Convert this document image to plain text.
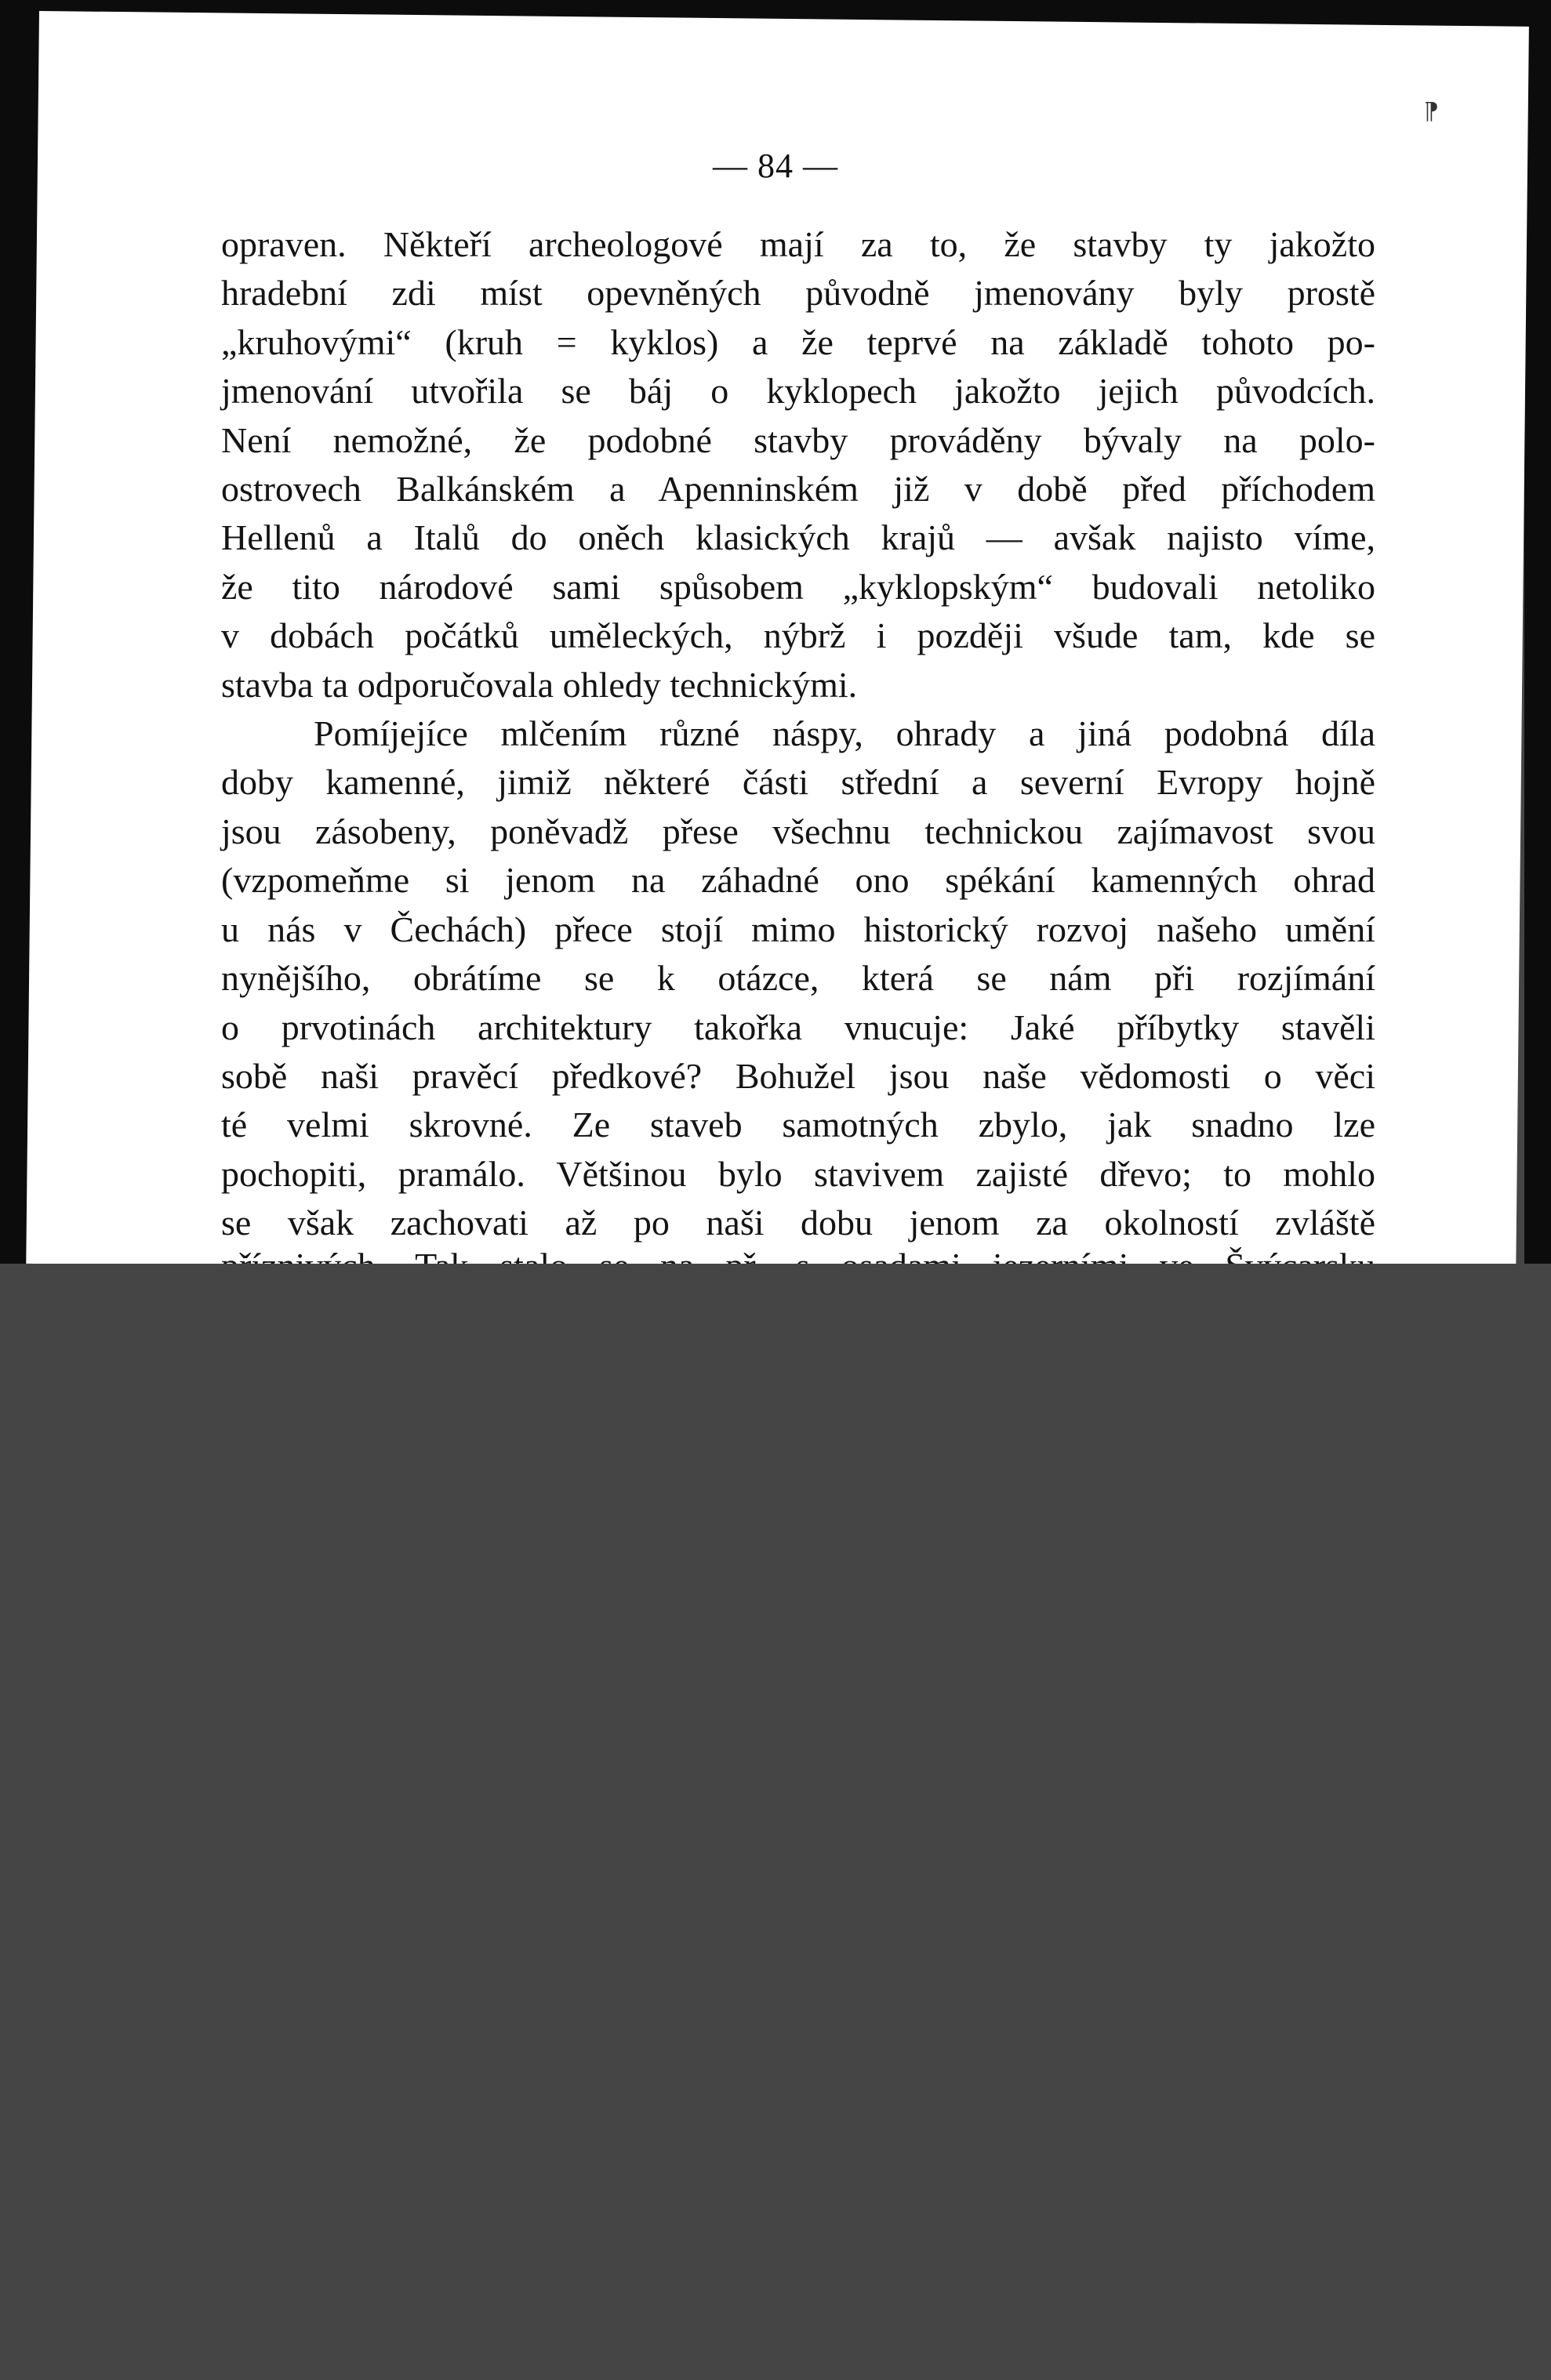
⁋
— 84 —
opraven. Někteří archeologové mají za to, že stavby ty jakožto
hradební zdi míst opevněných původně jmenovány byly prostě
„kruhovými“ (kruh = kyklos) a že teprvé na základě tohoto po-
jmenování utvořila se báj o kyklopech jakožto jejich původcích.
Není nemožné, že podobné stavby prováděny bývaly na polo-
ostrovech Balkánském a Apenninském již v době před příchodem
Hellenů a Italů do oněch klasických krajů — avšak najisto víme,
že tito národové sami spůsobem „kyklopským“ budovali netoliko
v dobách počátků uměleckých, nýbrž i později všude tam, kde se
stavba ta odporučovala ohledy technickými.
Pomíjejíce mlčením různé náspy, ohrady a jiná podobná díla
doby kamenné, jimiž některé části střední a severní Evropy hojně
jsou zásobeny, poněvadž přese všechnu technickou zajímavost svou
(vzpomeňme si jenom na záhadné ono spékání kamenných ohrad
u nás v Čechách) přece stojí mimo historický rozvoj našeho umění
nynějšího, obrátíme se k otázce, která se nám při rozjímání
o prvotinách architektury takořka vnucuje: Jaké příbytky stavěli
sobě naši pravěcí předkové? Bohužel jsou naše vědomosti o věci
té velmi skrovné. Ze staveb samotných zbylo, jak snadno lze
pochopiti, pramálo. Většinou bylo stavivem zajisté dřevo; to mohlo
se však zachovati až po naši dobu jenom za okolností zvláště
